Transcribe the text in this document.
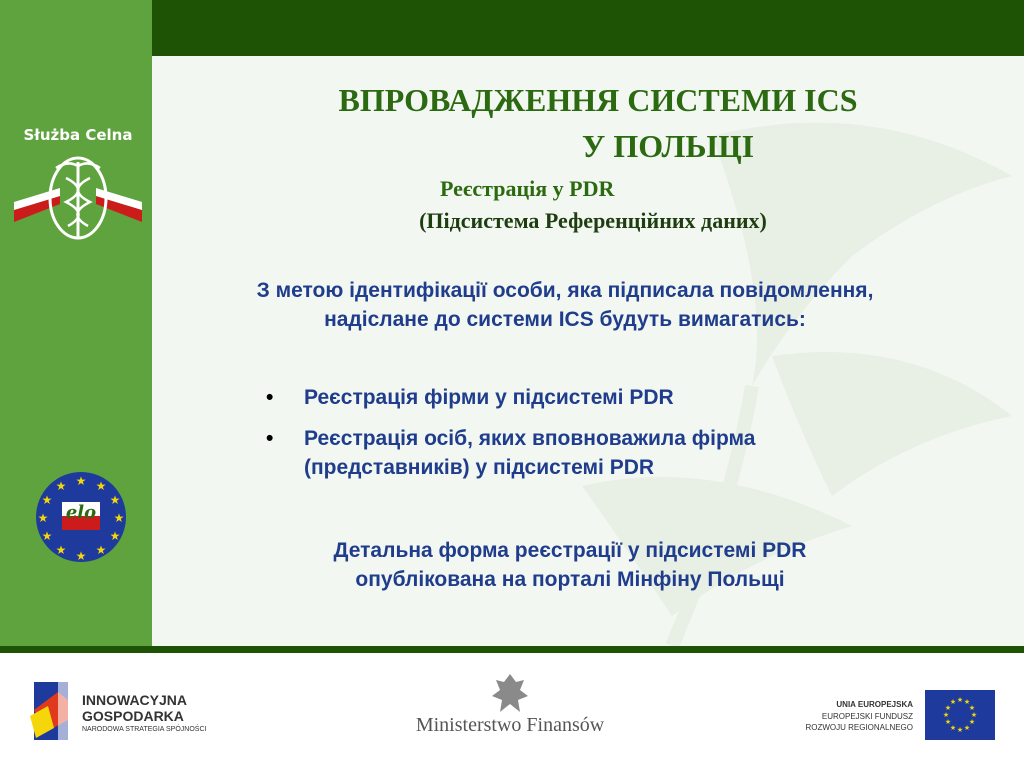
Służba Celna
★ ★
★
★
★
★
★
★
★
★
★
★
elo
ВПРОВАДЖЕННЯ СИСТЕМИ ICS
У ПОЛЬЩІ
Реєстрація у PDR
(Підсистема Референційних даних)
З метою ідентифікації особи, яка підписала повідомлення, надіслане до системи ICS будуть вимагатись:
• Реєстрація фірми у підсистемі PDR
• Реєстрація осіб, яких вповноважила фірма (представників) у підсистемі PDR
Детальна форма реєстрації у підсистемі PDR опублікована на порталі Мінфіну Польщі
INNOWACYJNA
GOSPODARKA
NARODOWA STRATEGIA SPÓJNOŚCI	Ministerstwo Finansów
UNIA EUROPEJSKA
EUROPEJSKI FUNDUSZ
ROZWOJU REGIONALNEGO
★ ★
★
★
★
★
★
★
★
★
★
★
